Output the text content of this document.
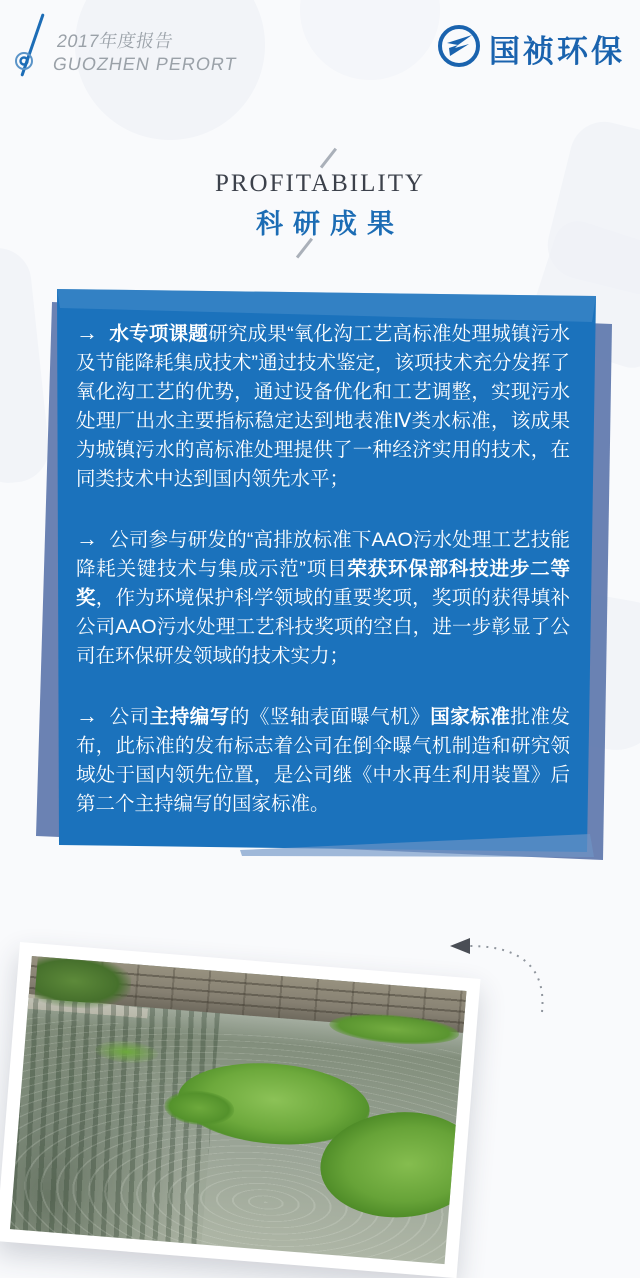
2017年度报告
GUOZHEN PERORT	国祯环保
PROFITABILITY
科研成果

→ 水专项课题研究成果“氧化沟工艺高标准处理城镇污水及节能降耗集成技术”通过技术鉴定，该项技术充分发挥了氧化沟工艺的优势，通过设备优化和工艺调整，实现污水处理厂出水主要指标稳定达到地表准Ⅳ类水标准，该成果为城镇污水的高标准处理提供了一种经济实用的技术，在同类技术中达到国内领先水平；

→ 公司参与研发的“高排放标准下AAO污水处理工艺技能降耗关键技术与集成示范”项目荣获环保部科技进步二等奖，作为环境保护科学领域的重要奖项，奖项的获得填补公司AAO污水处理工艺科技奖项的空白，进一步彰显了公司在环保研发领域的技术实力；

→ 公司主持编写的《竖轴表面曝气机》国家标准批准发布，此标准的发布标志着公司在倒伞曝气机制造和研究领域处于国内领先位置，是公司继《中水再生利用装置》后第二个主持编写的国家标准。
